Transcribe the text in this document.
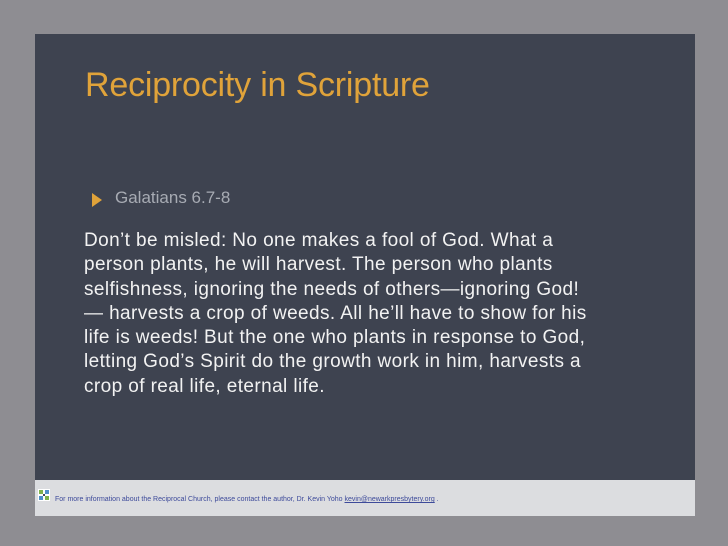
Reciprocity in Scripture
Galatians 6.7-8

Don’t be misled: No one makes a fool of God. What a
person plants, he will harvest. The person who plants
selfishness, ignoring the needs of others—ignoring God!
— harvests a crop of weeds. All he’ll have to show for his
life is weeds! But the one who plants in response to God,
letting God’s Spirit do the growth work in him, harvests a
crop of real life, eternal life.

For more information about the Reciprocal Church, please contact the author, Dr. Kevin Yoho kevin@newarkpresbytery.org .
